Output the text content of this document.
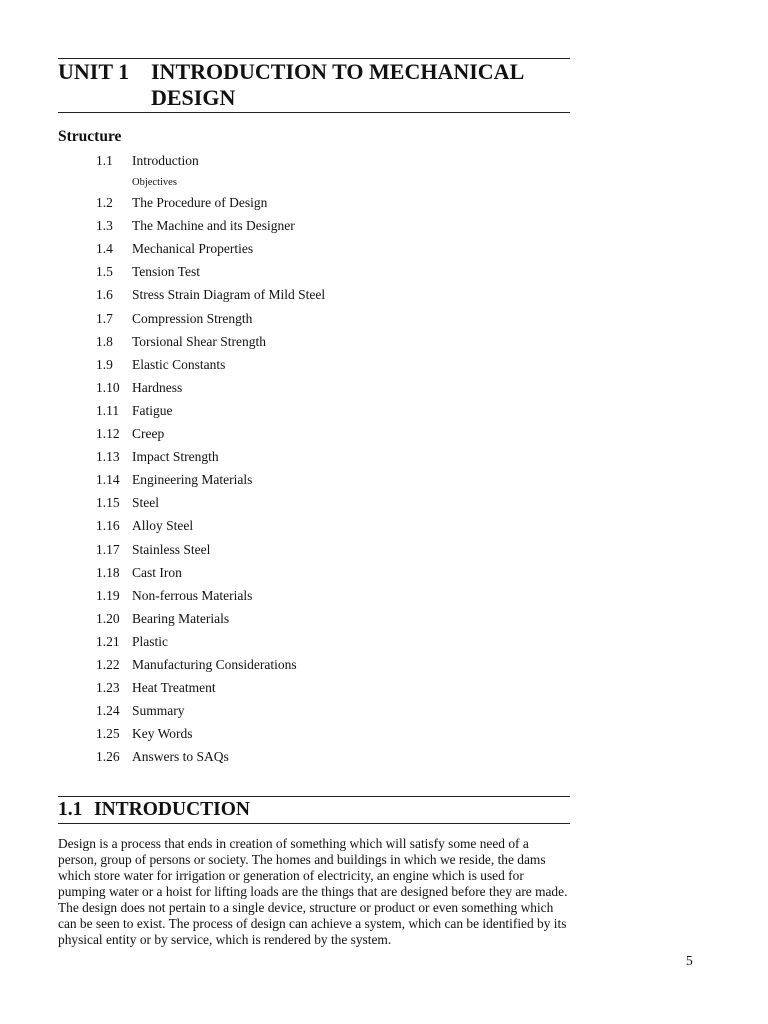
UNIT 1 INTRODUCTION TO MECHANICAL DESIGN
Structure
Objectives
1.1 Introduction
1.2 The Procedure of Design
1.3 The Machine and its Designer
1.4 Mechanical Properties
1.5 Tension Test
1.6 Stress Strain Diagram of Mild Steel
1.7 Compression Strength
1.8 Torsional Shear Strength
1.9 Elastic Constants
1.10 Hardness
1.11 Fatigue
1.12 Creep
1.13 Impact Strength
1.14 Engineering Materials
1.15 Steel
1.16 Alloy Steel
1.17 Stainless Steel
1.18 Cast Iron
1.19 Non-ferrous Materials
1.20 Bearing Materials
1.21 Plastic
1.22 Manufacturing Considerations
1.23 Heat Treatment
1.24 Summary
1.25 Key Words
1.26 Answers to SAQs
1.1 INTRODUCTION

Design is a process that ends in creation of something which will satisfy some need of a person, group of persons or society. The homes and buildings in which we reside, the dams which store water for irrigation or generation of electricity, an engine which is used for pumping water or a hoist for lifting loads are the things that are designed before they are made. The design does not pertain to a single device, structure or product or even something which can be seen to exist. The process of design can achieve a system, which can be identified by its physical entity or by service, which is rendered by the system.

5
